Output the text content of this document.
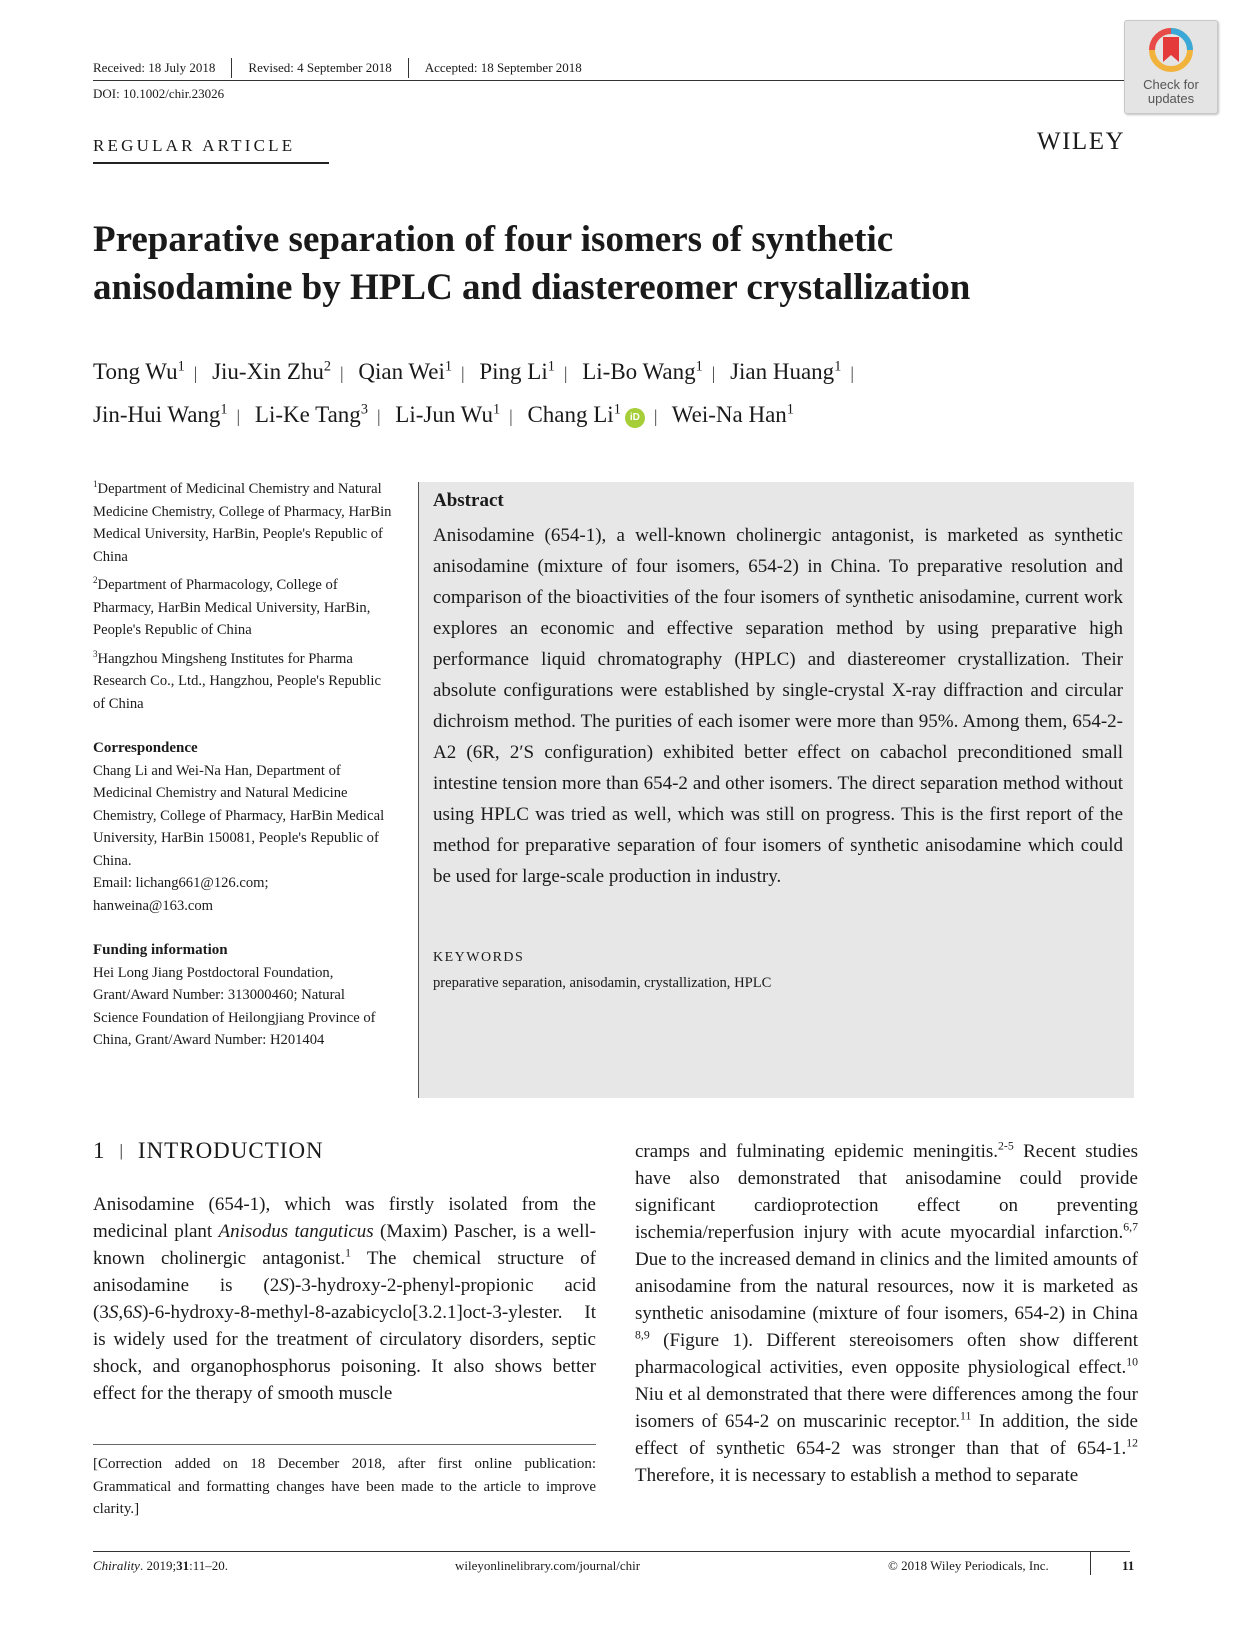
Received: 18 July 2018	Revised: 4 September 2018	Accepted: 18 September 2018
DOI: 10.1002/chir.23026
Check for
updates
REGULAR ARTICLE	WILEY
Preparative separation of four isomers of synthetic
anisodamine by HPLC and diastereomer crystallization
Tong Wu$^1$ | Jiu-Xin Zhu$^2$ | Qian Wei$^1$ | Ping Li$^1$ | Li-Bo Wang$^1$ | Jian Huang$^1$ |
Jin-Hui Wang$^1$ | Li-Ke Tang$^3$ | Li-Jun Wu$^1$ | Chang Li$^1$iD | Wei-Na Han$^1$
$^1$Department of Medicinal Chemistry and Natural Medicine Chemistry, College of Pharmacy, HarBin Medical University, HarBin, People's Republic of China
$^2$Department of Pharmacology, College of Pharmacy, HarBin Medical University, HarBin, People's Republic of China
$^3$Hangzhou Mingsheng Institutes for Pharma Research Co., Ltd., Hangzhou, People's Republic of China
Correspondence
Chang Li and Wei-Na Han, Department of Medicinal Chemistry and Natural Medicine Chemistry, College of Pharmacy, HarBin Medical University, HarBin 150081, People's Republic of China.
Email: lichang661@126.com;
hanweina@163.com
Funding information
Hei Long Jiang Postdoctoral Foundation, Grant/Award Number: 313000460; Natural Science Foundation of Heilongjiang Province of China, Grant/Award Number: H201404
Abstract

Anisodamine (654-1), a well-known cholinergic antagonist, is marketed as synthetic anisodamine (mixture of four isomers, 654-2) in China. To preparative resolution and comparison of the bioactivities of the four isomers of synthetic anisodamine, current work explores an economic and effective separation method by using preparative high performance liquid chromatography (HPLC) and diastereomer crystallization. Their absolute configurations were established by single-crystal X-ray diffraction and circular dichroism method. The purities of each isomer were more than 95%. Among them, 654-2-A2 (6R, 2′S configuration) exhibited better effect on cabachol preconditioned small intestine tension more than 654-2 and other isomers. The direct separation method without using HPLC was tried as well, which was still on progress. This is the first report of the method for preparative separation of four isomers of synthetic anisodamine which could be used for large-scale production in industry.

KEYWORDS
preparative separation, anisodamin, crystallization, HPLC
1 | INTRODUCTION

Anisodamine (654-1), which was firstly isolated from the medicinal plant Anisodus tanguticus (Maxim) Pascher, is a well-known cholinergic antagonist.$^1$ The chemical structure of anisodamine is (2S)-3-hydroxy-2-phenyl-propionic acid (3S,6S)-6-hydroxy-8-methyl-8-azabicyclo[3.2.1]oct-3-ylester. It is widely used for the treatment of circulatory disorders, septic shock, and organophosphorus poisoning. It also shows better effect for the therapy of smooth muscle

cramps and fulminating epidemic meningitis.$^{2-5}$ Recent studies have also demonstrated that anisodamine could provide significant cardioprotection effect on preventing ischemia/reperfusion injury with acute myocardial infarction.$^{6,7}$ Due to the increased demand in clinics and the limited amounts of anisodamine from the natural resources, now it is marketed as synthetic anisodamine (mixture of four isomers, 654-2) in China $^{8,9}$ (Figure 1). Different stereoisomers often show different pharmacological activities, even opposite physiological effect.$^{10}$ Niu et al demonstrated that there were differences among the four isomers of 654-2 on muscarinic receptor.$^{11}$ In addition, the side effect of synthetic 654-2 was stronger than that of 654-1.12 Therefore, it is necessary to establish a method to separate

[Correction added on 18 December 2018, after first online publication: Grammatical and formatting changes have been made to the article to improve clarity.]

Chirality. 2019;31:11–20.	wileyonlinelibrary.com/journal/chir	© 2018 Wiley Periodicals, Inc.	11
